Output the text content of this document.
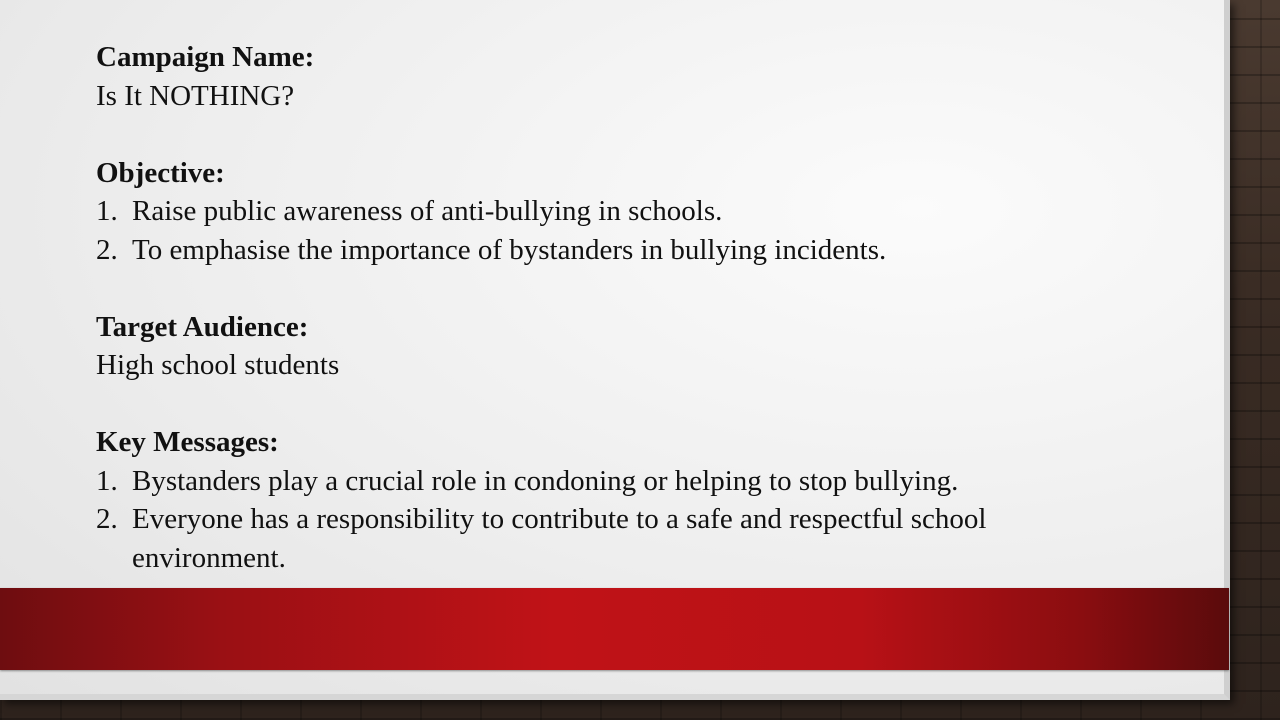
Campaign Name:

Is It NOTHING?

Objective:

1. Raise public awareness of anti-bullying in schools.
2. To emphasise the importance of bystanders in bullying incidents.

Target Audience:

High school students

Key Messages:

1. Bystanders play a crucial role in condoning or helping to stop bullying.
2. Everyone has a responsibility to contribute to a safe and respectful school environment.
